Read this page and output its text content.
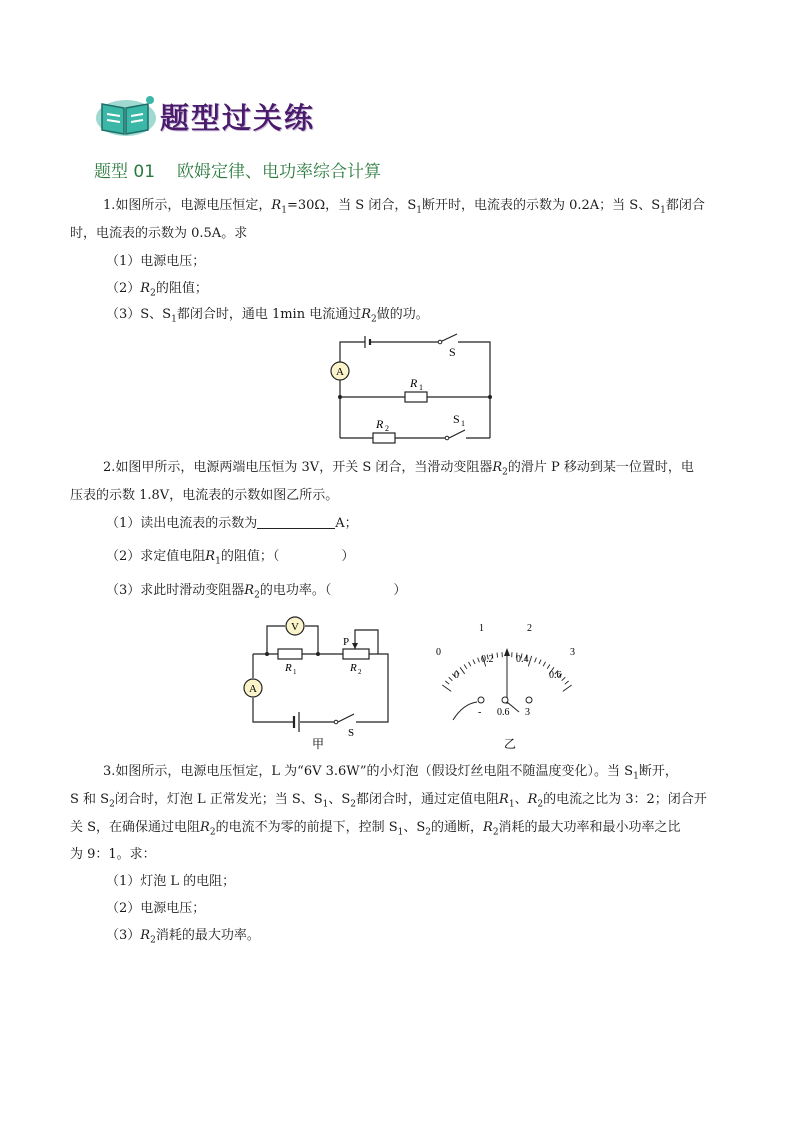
题型过关练
题型 01 欧姆定律、电功率综合计算
1.如图所示，电源电压恒定，$R_1=30\Omega$，当 S 闭合，$S_1$断开时，电流表的示数为 0.2A；当 S、$S_1$都闭合
时，电流表的示数为 0.5A。求
（1）电源电压；
$(2)R_2$的阻值；
（3）S、$S_1$都闭合时，通电 1min 电流通过$R_2$做的功。
A
S
R 1
R 2
S 1
2.如图甲所示，电源两端电压恒为 3V，开关 S 闭合，当滑动变阻器$R_2$的滑片 P 移动到某一位置时，电
压表的示数 1.8V，电流表的示数如图乙所示。
（1）读出电流表的示数为	A；
（2）求定值电阻$R_1$的阻值；（	）
（3）求此时滑动变阻器$R_2$的电功率。（	）
V
A
P
R 1	R 2
S
甲
0
1	2
3
0
0.2 0.4
0.6
- 0.6 3
乙
3.如图所示，电源电压恒定，L 为“6V 3.6W”的小灯泡（假设灯丝电阻不随温度变化）。当 $S_1$断开，
S 和 $S_2$闭合时，灯泡 L 正常发光；当 S、$S_1$、$S_2$都闭合时，通过定值电阻$R_1$、$R_2$的电流之比为 3：2；闭合开
关 S，在确保通过电阻$R_2$的电流不为零的前提下，控制 $S_1$、$S_2$的通断，$R_2$消耗的最大功率和最小功率之比
为 9：1。求：
（1）灯泡 L 的电阻；
（2）电源电压；
$(3)R_2$消耗的最大功率。
